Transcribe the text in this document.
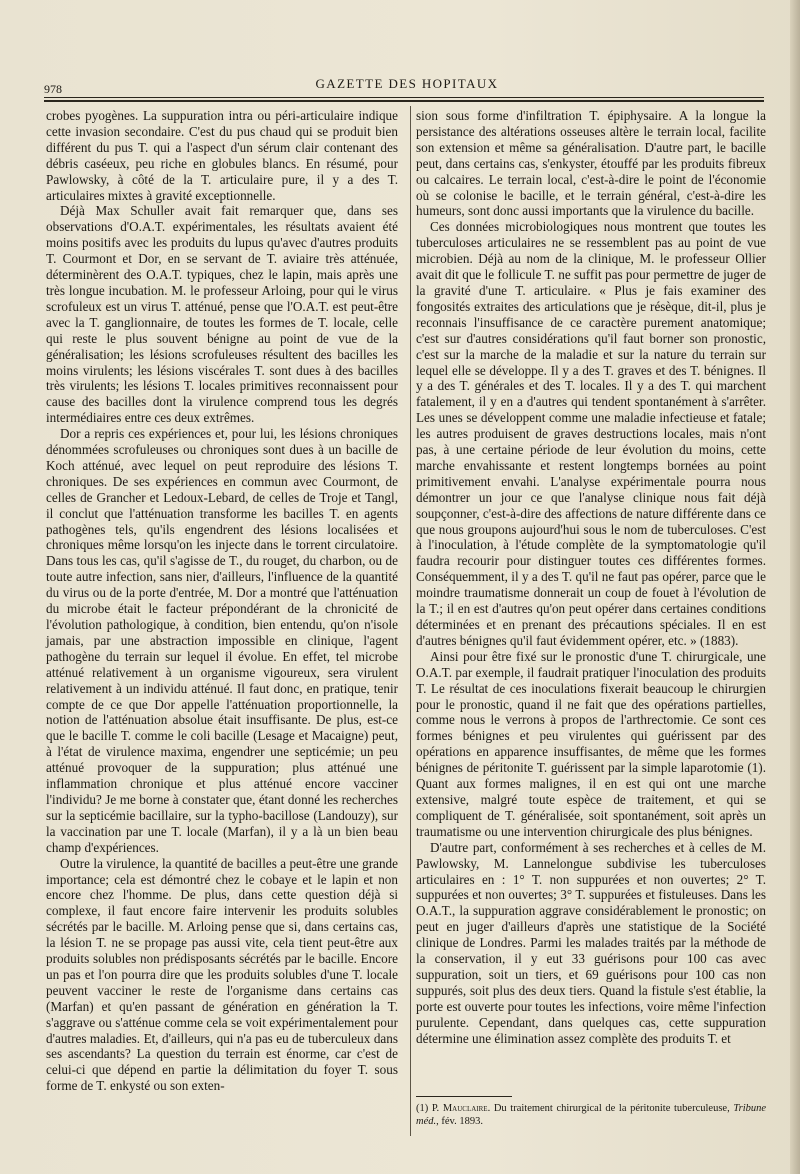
978	GAZETTE DES HOPITAUX

crobes pyogènes. La suppuration intra ou péri-articulaire indique cette invasion secondaire. C'est du pus chaud qui se produit bien différent du pus T. qui a l'aspect d'un sérum clair contenant des débris caséeux, peu riche en globules blancs. En résumé, pour Pawlowsky, à côté de la T. articulaire pure, il y a des T. articulaires mixtes à gravité exceptionnelle.

Déjà Max Schuller avait fait remarquer que, dans ses observations d'O.A.T. expérimentales, les résultats avaient été moins positifs avec les produits du lupus qu'avec d'autres produits T. Courmont et Dor, en se servant de T. aviaire très atténuée, déterminèrent des O.A.T. typiques, chez le lapin, mais après une très longue incubation. M. le professeur Arloing, pour qui le virus scrofuleux est un virus T. atténué, pense que l'O.A.T. est peut-être avec la T. ganglionnaire, de toutes les formes de T. locale, celle qui reste le plus souvent bénigne au point de vue de la généralisation; les lésions scrofuleuses résultent des bacilles les moins virulents; les lésions viscérales T. sont dues à des bacilles très virulents; les lésions T. locales primitives reconnaissent pour cause des bacilles dont la virulence comprend tous les degrés intermédiaires entre ces deux extrêmes.

Dor a repris ces expériences et, pour lui, les lésions chroniques dénommées scrofuleuses ou chroniques sont dues à un bacille de Koch atténué, avec lequel on peut reproduire des lésions T. chroniques. De ses expériences en commun avec Courmont, de celles de Grancher et Ledoux-Lebard, de celles de Troje et Tangl, il conclut que l'atténuation transforme les bacilles T. en agents pathogènes tels, qu'ils engendrent des lésions localisées et chroniques même lorsqu'on les injecte dans le torrent circulatoire. Dans tous les cas, qu'il s'agisse de T., du rouget, du charbon, ou de toute autre infection, sans nier, d'ailleurs, l'influence de la quantité du virus ou de la porte d'entrée, M. Dor a montré que l'atténuation du microbe était le facteur prépondérant de la chronicité de l'évolution pathologique, à condition, bien entendu, qu'on n'isole jamais, par une abstraction impossible en clinique, l'agent pathogène du terrain sur lequel il évolue. En effet, tel microbe atténué relativement à un organisme vigoureux, sera virulent relativement à un individu atténué. Il faut donc, en pratique, tenir compte de ce que Dor appelle l'atténuation proportionnelle, la notion de l'atténuation absolue était insuffisante. De plus, est-ce que le bacille T. comme le coli bacille (Lesage et Macaigne) peut, à l'état de virulence maxima, engendrer une septicémie; un peu atténué provoquer de la suppuration; plus atténué une inflammation chronique et plus atténué encore vacciner l'individu? Je me borne à constater que, étant donné les recherches sur la septicémie bacillaire, sur la typho-bacillose (Landouzy), sur la vaccination par une T. locale (Marfan), il y a là un bien beau champ d'expériences.

Outre la virulence, la quantité de bacilles a peut-être une grande importance; cela est démontré chez le cobaye et le lapin et non encore chez l'homme. De plus, dans cette question déjà si complexe, il faut encore faire intervenir les produits solubles sécrétés par le bacille. M. Arloing pense que si, dans certains cas, la lésion T. ne se propage pas aussi vite, cela tient peut-être aux produits solubles non prédisposants sécrétés par le bacille. Encore un pas et l'on pourra dire que les produits solubles d'une T. locale peuvent vacciner le reste de l'organisme dans certains cas (Marfan) et qu'en passant de génération en génération la T. s'aggrave ou s'atténue comme cela se voit expérimentalement pour d'autres maladies. Et, d'ailleurs, qui n'a pas eu de tuberculeux dans ses ascendants? La question du terrain est énorme, car c'est de celui-ci que dépend en partie la délimitation du foyer T. sous forme de T. enkysté ou son exten-

sion sous forme d'infiltration T. épiphysaire. A la longue la persistance des altérations osseuses altère le terrain local, facilite son extension et même sa généralisation. D'autre part, le bacille peut, dans certains cas, s'enkyster, étouffé par les produits fibreux ou calcaires. Le terrain local, c'est-à-dire le point de l'économie où se colonise le bacille, et le terrain général, c'est-à-dire les humeurs, sont donc aussi importants que la virulence du bacille.

Ces données microbiologiques nous montrent que toutes les tuberculoses articulaires ne se ressemblent pas au point de vue microbien. Déjà au nom de la clinique, M. le professeur Ollier avait dit que le follicule T. ne suffit pas pour permettre de juger de la gravité d'une T. articulaire. « Plus je fais examiner des fongosités extraites des articulations que je résèque, dit-il, plus je reconnais l'insuffisance de ce caractère purement anatomique; c'est sur d'autres considérations qu'il faut borner son pronostic, c'est sur la marche de la maladie et sur la nature du terrain sur lequel elle se développe. Il y a des T. graves et des T. bénignes. Il y a des T. générales et des T. locales. Il y a des T. qui marchent fatalement, il y en a d'autres qui tendent spontanément à s'arrêter. Les unes se développent comme une maladie infectieuse et fatale; les autres produisent de graves destructions locales, mais n'ont pas, à une certaine période de leur évolution du moins, cette marche envahissante et restent longtemps bornées au point primitivement envahi. L'analyse expérimentale pourra nous démontrer un jour ce que l'analyse clinique nous fait déjà soupçonner, c'est-à-dire des affections de nature différente dans ce que nous groupons aujourd'hui sous le nom de tuberculoses. C'est à l'inoculation, à l'étude complète de la symptomatologie qu'il faudra recourir pour distinguer toutes ces différentes formes. Conséquemment, il y a des T. qu'il ne faut pas opérer, parce que le moindre traumatisme donnerait un coup de fouet à l'évolution de la T.; il en est d'autres qu'on peut opérer dans certaines conditions déterminées et en prenant des précautions spéciales. Il en est d'autres bénignes qu'il faut évidemment opérer, etc. » (1883).

Ainsi pour être fixé sur le pronostic d'une T. chirurgicale, une O.A.T. par exemple, il faudrait pratiquer l'inoculation des produits T. Le résultat de ces inoculations fixerait beaucoup le chirurgien pour le pronostic, quand il ne fait que des opérations partielles, comme nous le verrons à propos de l'arthrectomie. Ce sont ces formes bénignes et peu virulentes qui guérissent par des opérations en apparence insuffisantes, de même que les formes bénignes de péritonite T. guérissent par la simple laparotomie (1). Quant aux formes malignes, il en est qui ont une marche extensive, malgré toute espèce de traitement, et qui se compliquent de T. généralisée, soit spontanément, soit après un traumatisme ou une intervention chirurgicale des plus bénignes.

D'autre part, conformément à ses recherches et à celles de M. Pawlowsky, M. Lannelongue subdivise les tuberculoses articulaires en : 1° T. non suppurées et non ouvertes; 2° T. suppurées et non ouvertes; 3° T. suppurées et fistuleuses. Dans les O.A.T., la suppuration aggrave considérablement le pronostic; on peut en juger d'ailleurs d'après une statistique de la Société clinique de Londres. Parmi les malades traités par la méthode de la conservation, il y eut 33 guérisons pour 100 cas avec suppuration, soit un tiers, et 69 guérisons pour 100 cas non suppurés, soit plus des deux tiers. Quand la fistule s'est établie, la porte est ouverte pour toutes les infections, voire même l'infection purulente. Cependant, dans quelques cas, cette suppuration détermine une élimination assez complète des produits T. et

(1) P. Mauclaire. Du traitement chirurgical de la péritonite tuberculeuse, Tribune méd., fév. 1893.
